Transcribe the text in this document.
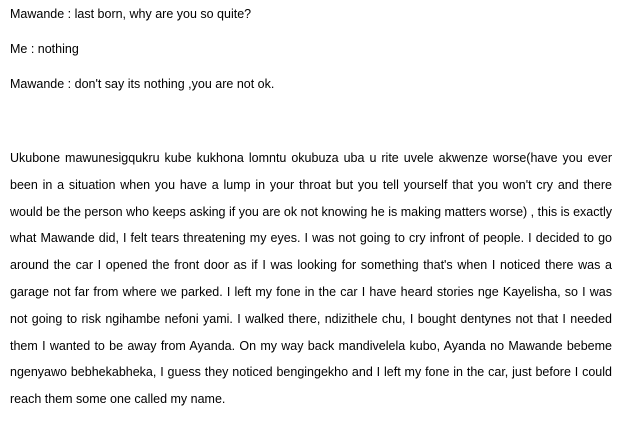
Mawande : last born, why are you so quite?

Me : nothing

Mawande : don't say its nothing ,you are not ok.

Ukubone mawunesigqukru kube kukhona lomntu okubuza uba u rite uvele akwenze worse(have you ever been in a situation when you have a lump in your throat but you tell yourself that you won't cry and there would be the person who keeps asking if you are ok not knowing he is making matters worse) , this is exactly what Mawande did, I felt tears threatening my eyes. I was not going to cry infront of people. I decided to go around the car I opened the front door as if I was looking for something that's when I noticed there was a garage not far from where we parked. I left my fone in the car I have heard stories nge Kayelisha, so I was not going to risk ngihambe nefoni yami. I walked there, ndizithele chu, I bought dentynes not that I needed them I wanted to be away from Ayanda. On my way back mandivelela kubo, Ayanda no Mawande bebeme ngenyawo bebhekabheka, I guess they noticed bengingekho and I left my fone in the car, just before I could reach them some one called my name.
